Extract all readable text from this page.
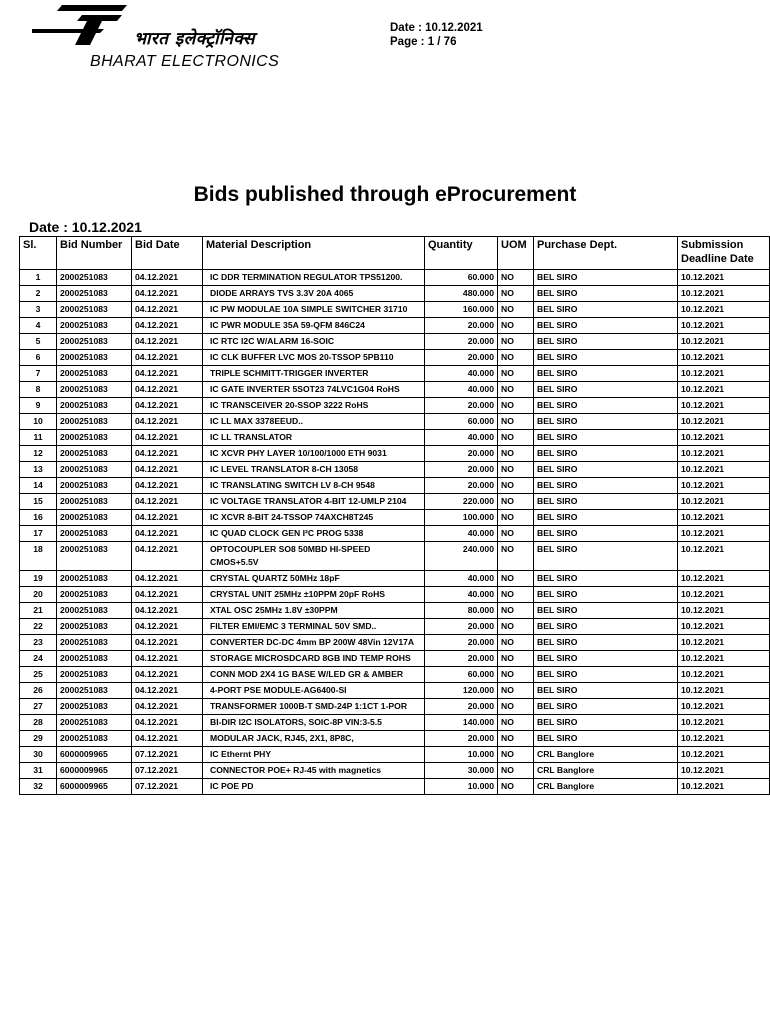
भारत इलेक्ट्रॉनिक्स
BHARAT ELECTRONICS
Date : 10.12.2021
Page : 1 / 76
Bids published through eProcurement
Date : 10.12.2021
Sl.	Bid Number	Bid Date	Material Description	Quantity	UOM	Purchase Dept.	Submission Deadline Date
1	2000251083	04.12.2021	IC DDR TERMINATION REGULATOR TPS51200.	60.000	NO	BEL SIRO	10.12.2021
2	2000251083	04.12.2021	DIODE ARRAYS TVS 3.3V 20A 4065	480.000	NO	BEL SIRO	10.12.2021
3	2000251083	04.12.2021	IC PW MODULAE 10A SIMPLE SWITCHER 31710	160.000	NO	BEL SIRO	10.12.2021
4	2000251083	04.12.2021	IC PWR MODULE 35A 59-QFM 846C24	20.000	NO	BEL SIRO	10.12.2021
5	2000251083	04.12.2021	IC RTC I2C W/ALARM 16-SOIC	20.000	NO	BEL SIRO	10.12.2021
6	2000251083	04.12.2021	IC CLK BUFFER LVC MOS 20-TSSOP 5PB110	20.000	NO	BEL SIRO	10.12.2021
7	2000251083	04.12.2021	TRIPLE SCHMITT-TRIGGER INVERTER	40.000	NO	BEL SIRO	10.12.2021
8	2000251083	04.12.2021	IC GATE INVERTER 5SOT23 74LVC1G04 RoHS	40.000	NO	BEL SIRO	10.12.2021
9	2000251083	04.12.2021	IC TRANSCEIVER 20-SSOP 3222 RoHS	20.000	NO	BEL SIRO	10.12.2021
10	2000251083	04.12.2021	IC LL MAX 3378EEUD..	60.000	NO	BEL SIRO	10.12.2021
11	2000251083	04.12.2021	IC LL TRANSLATOR	40.000	NO	BEL SIRO	10.12.2021
12	2000251083	04.12.2021	IC XCVR PHY LAYER 10/100/1000 ETH 9031	20.000	NO	BEL SIRO	10.12.2021
13	2000251083	04.12.2021	IC LEVEL TRANSLATOR 8-CH 13058	20.000	NO	BEL SIRO	10.12.2021
14	2000251083	04.12.2021	IC TRANSLATING SWITCH LV 8-CH 9548	20.000	NO	BEL SIRO	10.12.2021
15	2000251083	04.12.2021	IC VOLTAGE TRANSLATOR 4-BIT 12-UMLP 2104	220.000	NO	BEL SIRO	10.12.2021
16	2000251083	04.12.2021	IC XCVR 8-BIT 24-TSSOP 74AXCH8T245	100.000	NO	BEL SIRO	10.12.2021
17	2000251083	04.12.2021	IC QUAD CLOCK GEN I²C PROG 5338	40.000	NO	BEL SIRO	10.12.2021
18	2000251083	04.12.2021	OPTOCOUPLER SO8 50MBD HI-SPEED CMOS+5.5V	240.000	NO	BEL SIRO	10.12.2021
19	2000251083	04.12.2021	CRYSTAL QUARTZ 50MHz 18pF	40.000	NO	BEL SIRO	10.12.2021
20	2000251083	04.12.2021	CRYSTAL UNIT 25MHz ±10PPM 20pF RoHS	40.000	NO	BEL SIRO	10.12.2021
21	2000251083	04.12.2021	XTAL OSC 25MHz 1.8V ±30PPM	80.000	NO	BEL SIRO	10.12.2021
22	2000251083	04.12.2021	FILTER EMI/EMC 3 TERMINAL 50V SMD..	20.000	NO	BEL SIRO	10.12.2021
23	2000251083	04.12.2021	CONVERTER DC-DC 4mm BP 200W 48Vin 12V17A	20.000	NO	BEL SIRO	10.12.2021
24	2000251083	04.12.2021	STORAGE MICROSDCARD 8GB IND TEMP ROHS	20.000	NO	BEL SIRO	10.12.2021
25	2000251083	04.12.2021	CONN MOD 2X4 1G BASE W/LED GR & AMBER	60.000	NO	BEL SIRO	10.12.2021
26	2000251083	04.12.2021	4-PORT PSE MODULE-AG6400-SI	120.000	NO	BEL SIRO	10.12.2021
27	2000251083	04.12.2021	TRANSFORMER 1000B-T SMD-24P 1:1CT 1-POR	20.000	NO	BEL SIRO	10.12.2021
28	2000251083	04.12.2021	BI-DIR I2C ISOLATORS, SOIC-8P VIN:3-5.5	140.000	NO	BEL SIRO	10.12.2021
29	2000251083	04.12.2021	MODULAR JACK, RJ45, 2X1, 8P8C,	20.000	NO	BEL SIRO	10.12.2021
30	6000009965	07.12.2021	IC Ethernt PHY	10.000	NO	CRL Banglore	10.12.2021
31	6000009965	07.12.2021	CONNECTOR POE+ RJ-45 with magnetics	30.000	NO	CRL Banglore	10.12.2021
32	6000009965	07.12.2021	IC POE PD	10.000	NO	CRL Banglore	10.12.2021
